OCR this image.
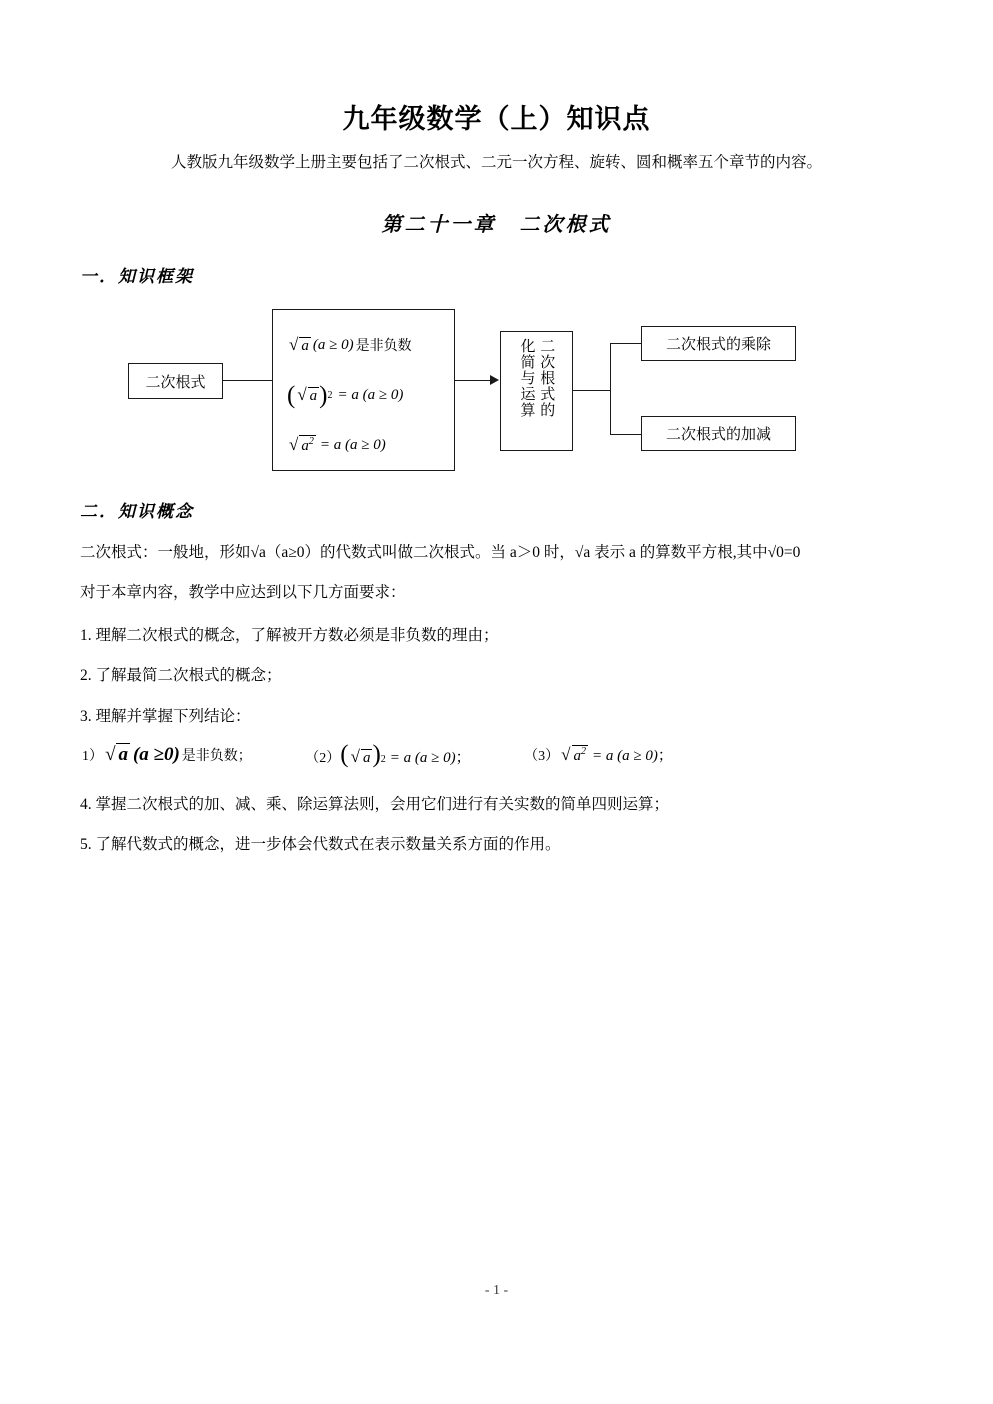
九年级数学（上）知识点
人教版九年级数学上册主要包括了二次根式、二元一次方程、旋转、圆和概率五个章节的内容。
第二十一章　二次根式
一．知识框架
二次根式
√ a (a ≥ 0) 是非负数
( √ a ) 2 = a (a ≥ 0)
√ $a^2 = a$ (a ≥ 0)
二次根式的
化简与运算	二次根式的乘除
二次根式的加减
二．知识概念
二次根式：一般地，形如√a（a≥0）的代数式叫做二次根式。当 a＞0 时，√a 表示 a 的算数平方根,其中√0=0
对于本章内容，教学中应达到以下几方面要求：
1. 理解二次根式的概念，了解被开方数必须是非负数的理由；
2. 了解最简二次根式的概念；
3. 理解并掌握下列结论：
1） √ a (a ≥0) 是非负数；
	（2） ( √ a ) 2 = a (a ≥ 0) ；
	（3） √ $a^2 = a$ (a ≥ 0) ；
4. 掌握二次根式的加、减、乘、除运算法则，会用它们进行有关实数的简单四则运算；
5. 了解代数式的概念，进一步体会代数式在表示数量关系方面的作用。
- 1 -
